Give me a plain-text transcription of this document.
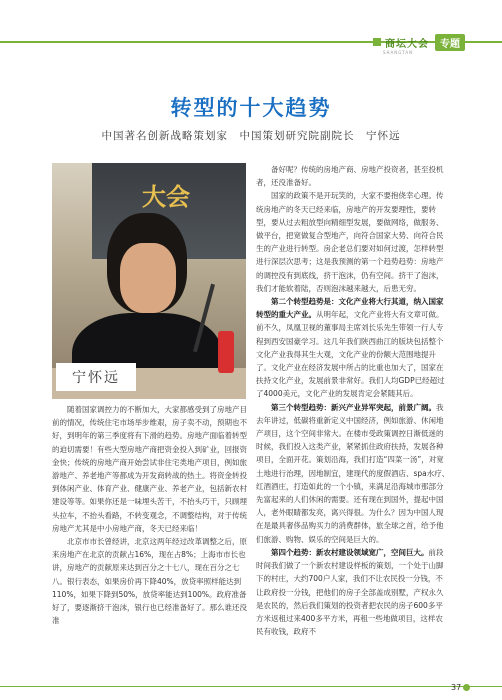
商坛大会	专题
SHANGTAN
转型的十大趋势
中国著名创新战略策划家　中国策划研究院副院长　宁怀远
大会
宁怀远

随着国家调控力的不断加大，大家都感受到了房地产目前的情况，传统住宅市场举步维艰，房子卖不动，预期也不好，到明年的第三季度将有下滑的趋势。房地产面临着转型的迫切需要！有些大型房地产商把资金投入到矿业，回报资金快；传统的房地产商开始尝试非住宅类地产项目，例如旅游地产、养老地产等都成为开发商转战的热土。将资金转投到体闲产业、体育产业、健康产业、养老产业，包括新农村建设等等。如果你还是一味埋头苦干，不抬头巧干，只顾埋头拉车，不抬头看路，不转变观念，不调整结构，对于传统房地产尤其是中小房地产商，冬天已经来临！

北京市市长曾经讲，北京这两年经过改革调整之后，原来房地产在北京的贡献占16%，现在占8%；上海市市长也讲，房地产的贡献原来达到百分之十七八，现在百分之七八。银行表态，如果房价再下降40%，放贷率照样能达到110%，如果下降到50%，放贷率能达到100%。政府准备好了，要逐渐挤干泡沫，银行也已经准备好了。那么谁还没准

备好呢？传统的房地产商、房地产投资者，甚至投机者，还没准备好。

国家的政策不是开玩笑的，大家不要抱侥幸心理。传统房地产的冬天已经来临，房地产的开发要理性，要转型，要从过去粗放型向精细型发展，要做网络，做服务、做平台，把宽做复合型地产，向符合国家大势、向符合民生的产业进行转型。房企老总们要对如何过渡，怎样转型进行深层次思考；这是我预测的第一个趋势趋势：房地产的调控没有到底线，挤干泡沫，仍有空间。挤干了泡沫，我们才能软着陆，否则泡沫越来越大，后患无穷。

第二个转型趋势是：文化产业将大行其道，纳入国家转型的重大产业。从明年起，文化产业将大有文章可做。前不久，凤凰卫视的董事局主席刘长乐先生带领一行人专程到西安国豪学习。这几年我们陕西曲江的版块包括整个文化产业我得其生大观，文化产业的份额大范围地提升了。文化产业在经济发展中所占的比重也加大了，国家在扶持文化产业，发展前景非常好。我们人均GDP已经超过了4000美元，文化产业的发展肯定会紧随其后。

第三个转型趋势：新兴产业异军突起，前景广阔。我去年讲过，低碳将重新定义中国经济，例如旅游、休闲地产项目，这个空间非常大。在楼市受政策调控日渐低迷的时候，我们投入这类产业，紧紧抓住政府扶持，发展各种项目，全面开花。策划沿海，我们打造“四菜一汤”，对宽土地进行治理，因地制宜，建现代的度假酒店、spa水疗、红酒酒庄，打造如此的一个小镇，来满足沿海城市那部分先富起来的人们休闲的需要。还有现在到国外，提起中国人，老外眼睛都发亮，离兴得很。为什么？因为中国人现在是最具奢侈品购买力的消费群体，旅全球之首，给予他们旅游、购物、娱乐的空间是巨大的。

第四个趋势：新农村建设领域宽广，空间巨大。前段时间我们做了一个新农村建设样板的策划，一个处于山脚下的村庄，大约700户人家，我们不让农民投一分钱，不让政府投一分钱，把他们的房子全部盖成别墅，产权永久是农民的，然后我们策划的投资者把农民的房子600多平方米返租过来400多平方米，再租一些地做项目，这样农民有收钱，政府不

37
